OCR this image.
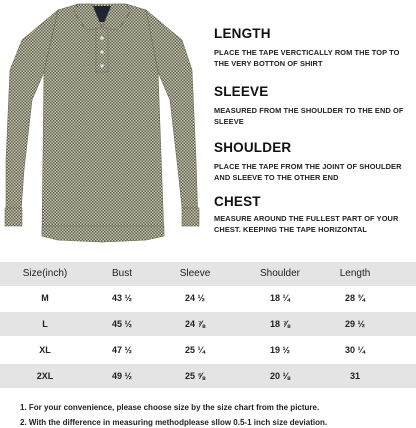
LENGTH
PLACE THE TAPE VERCTICALLY ROM THE TOP TO THE VERY BOTTON OF SHIRT
SLEEVE
MEASURED FROM THE SHOULDER TO THE END OF SLEEVE
SHOULDER
PLACE THE TAPE FROM THE JOINT OF SHOULDER AND SLEEVE TO THE OTHER END
CHEST
MEASURE AROUND THE FULLEST PART OF YOUR CHEST. KEEPING THE TAPE HORIZONTAL
Size(inch)	Bust	Sleeve	Shoulder	Length
M	43 ½	24 ½	18 ¼	28 ¾
L	45 ½	24 ⅞	18 ⅞	29 ½
XL	47 ½	25 ¼	19 ½	30 ¼
2XL	49 ½	25 ⅝	20 ⅛	31
1. For your convenience, please choose size by the size chart from the picture.
2. With the difference in measuring methodplease sllow 0.5-1 inch size deviation.
